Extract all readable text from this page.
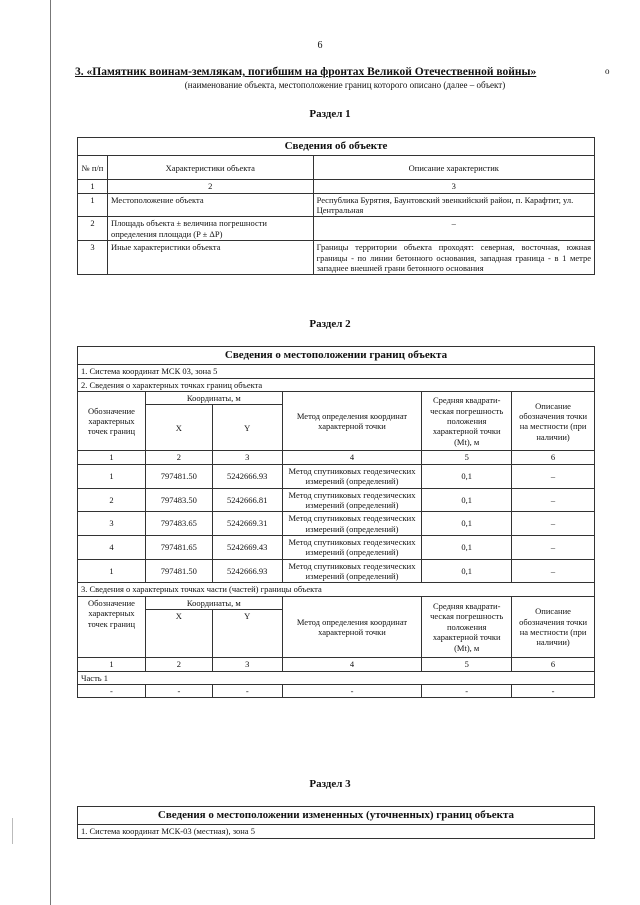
6
3. «Памятник воинам-землякам, погибшим на фронтах Великой Отечественной войны»	o
(наименование объекта, местоположение границ которого описано (далее – объект)
Раздел 1
Сведения об объекте		
№ п/п	Характеристики объекта	Описание характеристик
1	2	3
1	Местоположение объекта	Республика Бурятия, Баунтовский эвенкийский район, п. Карафтит, ул. Центральная
2	Площадь объекта ± величина погрешности определения площади (P ± ΔP)	–
3	Иные характеристики объекта	Границы территории объекта проходят: северная, восточная, южная границы - по линии бетонного основания, западная граница - в 1 метре западнее внешней грани бетонного основания
Раздел 2
Сведения о местоположении границ объекта					
1. Система координат МСК 03, зона 5					
2. Сведения о характерных точках границ объекта					
Обозначение характерных точек границ	Координаты, м		Метод определения координат характерной точки	Средняя квадрати-ческая погрешность положения характерной точки (Mt), м	Описание обозначения точки на местности (при наличии)
	X	Y			
1	2	3	4	5	6
1	797481.50	5242666.93	Метод спутниковых геодезических измерений (определений)	0,1	–
2	797483.50	5242666.81	Метод спутниковых геодезических измерений (определений)	0,1	–
3	797483.65	5242669.31	Метод спутниковых геодезических измерений (определений)	0,1	–
4	797481.65	5242669.43	Метод спутниковых геодезических измерений (определений)	0,1	–
1	797481.50	5242666.93	Метод спутниковых геодезических измерений (определений)	0,1	–
3. Сведения о характерных точках части (частей) границы объекта					
Обозначение характерных точек границ	Координаты, м		Метод определения координат характерной точки	Средняя квадрати-ческая погрешность положения характерной точки (Mt), м	Описание обозначения точки на местности (при наличии)
	X	Y			
1	2	3	4	5	6
Часть 1					
-	-	-	-	-	-
Раздел 3
Сведения о местоположении измененных (уточненных) границ объекта
1. Система координат МСК-03 (местная), зона 5
